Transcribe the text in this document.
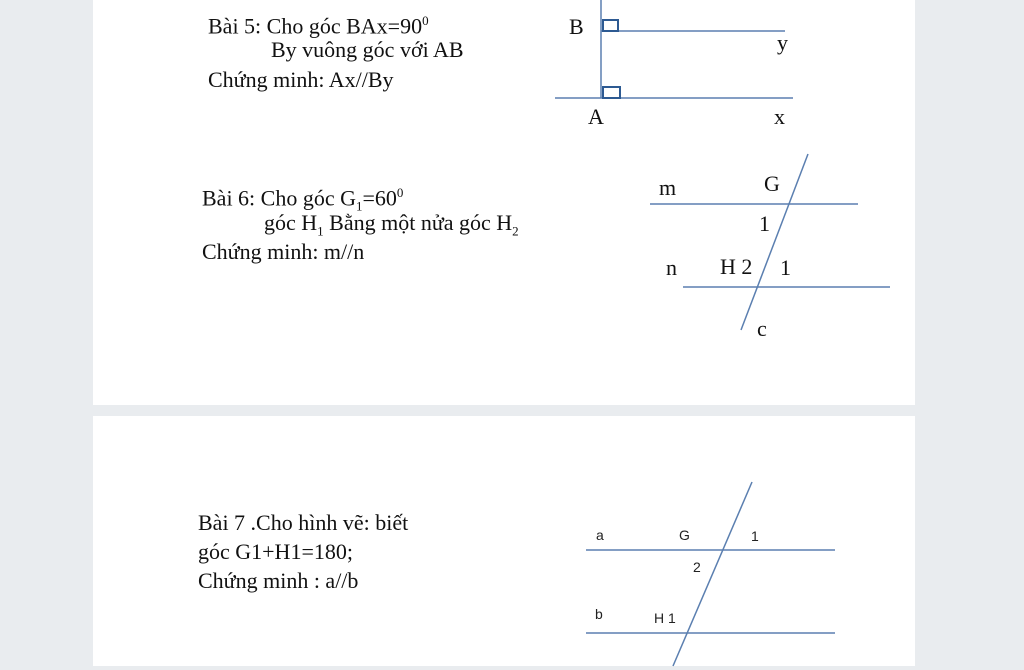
Bài 5: Cho góc $BAx=90^0$
By vuông góc với AB
Chứng minh: Ax//By
Bài 6: Cho góc $G_1=60^0$
góc $H_1$ Bằng một nửa góc $H_2$
Chứng minh: m//n
B
y
A	x
m	G
1
n H 2 1
c
Bài 7 .Cho hình vẽ: biết
góc G1+H1=180;
Chứng minh : a//b
a	G	1
2
b	H 1
